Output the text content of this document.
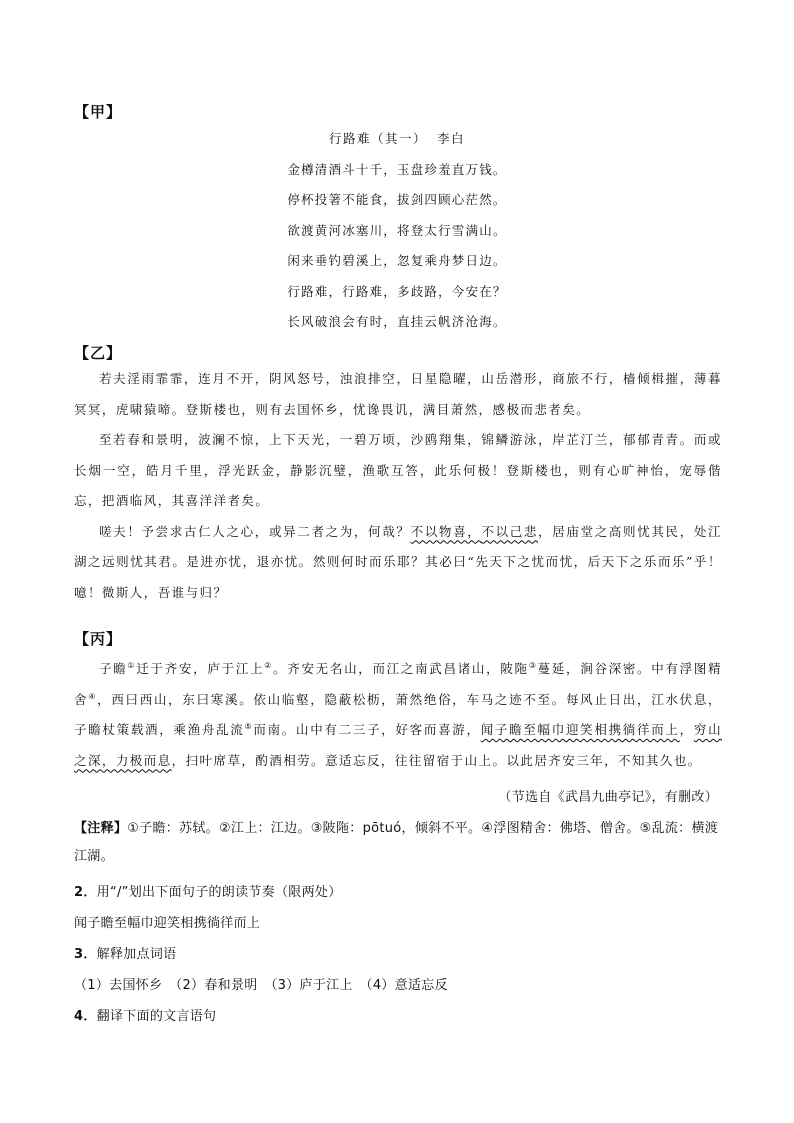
【甲】
行路难（其一） 李白
金樽清酒斗十千，玉盘珍羞直万钱。
停杯投箸不能食，拔剑四顾心茫然。
欲渡黄河冰塞川，将登太行雪满山。
闲来垂钓碧溪上，忽复乘舟梦日边。
行路难，行路难，多歧路，今安在？
长风破浪会有时，直挂云帆济沧海。
【乙】

若夫淫雨霏霏，连月不开，阴风怒号，浊浪排空，日星隐曜，山岳潜形，商旅不行，樯倾楫摧，薄暮冥冥，虎啸猿啼。登斯楼也，则有去国怀乡，忧谗畏讥，满目萧然，感极而悲者矣。

至若春和景明，波澜不惊，上下天光，一碧万顷，沙鸥翔集，锦鳞游泳，岸芷汀兰，郁郁青青。而或长烟一空，皓月千里，浮光跃金，静影沉璧，渔歌互答，此乐何极！登斯楼也，则有心旷神怡，宠辱偕忘，把酒临风，其喜洋洋者矣。

嗟夫！予尝求古仁人之心，或异二者之为，何哉？不以物喜，不以己悲，居庙堂之高则忧其民，处江湖之远则忧其君。是进亦忧，退亦忧。然则何时而乐耶？其必曰“先天下之忧而忧，后天下之乐而乐”乎！噫！微斯人，吾谁与归？

【丙】

子瞻①迁于齐安，庐于江上②。齐安无名山，而江之南武昌诸山，陂陁③蔓延，涧谷深密。中有浮图精舍④，西曰西山，东曰寒溪。依山临壑，隐蔽松枥，萧然绝俗，车马之迹不至。每风止日出，江水伏息，子瞻杖策载酒，乘渔舟乱流⑤而南。山中有二三子，好客而喜游，闻子瞻至幅巾迎笑相携徜徉而上，穷山之深，力极而息，扫叶席草，酌酒相劳。意适忘反，往往留宿于山上。以此居齐安三年，不知其久也。

（节选自《武昌九曲亭记》，有删改）
【注释】①子瞻：苏轼。②江上：江边。③陂陁：pōtuó，倾斜不平。④浮图精舍：佛塔、僧舍。⑤乱流：横渡江湖。
2．用“/”划出下面句子的朗读节奏（限两处）
闻子瞻至幅巾迎笑相携徜徉而上
3．解释加点词语
（1）去国怀乡　（2）春和景明　（3）庐于江上　（4）意适忘反
4．翻译下面的文言语句
